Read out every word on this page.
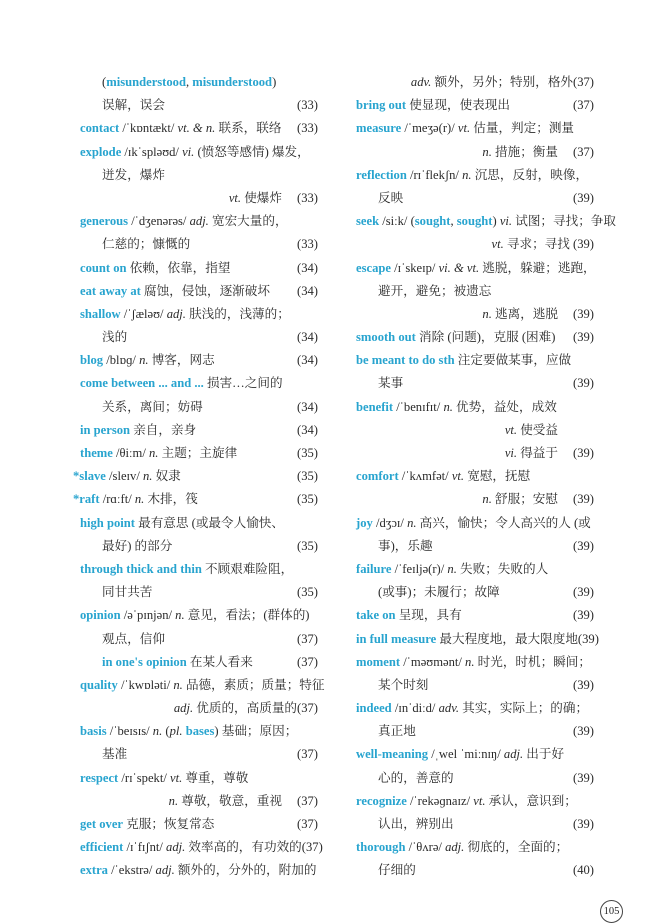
(misunderstood, misunderstood)
误解，误会	(33)
contact /ˈkɒntækt/ vt. & n. 联系，联络 (33)
explode /ɪkˈspləʊd/ vi. (愤怒等感情) 爆发，
迸发，爆炸
vt. 使爆炸 (33)
generous /ˈdʒenərəs/ adj. 宽宏大量的，
仁慈的；慷慨的	(33)
count on 依赖，依靠，指望	(34)
eat away at 腐蚀，侵蚀，逐渐破坏 (34)
shallow /ˈʃæləʊ/ adj. 肤浅的，浅薄的；
浅的	(34)
blog /blɒɡ/ n. 博客，网志	(34)
come between ... and ... 损害…之间的
关系，离间；妨碍	(34)
in person 亲自，亲身	(34)
theme /θiːm/ n. 主题；主旋律	(35)
*slave /sleɪv/ n. 奴隶	(35)
*raft /rɑːft/ n. 木排，筏	(35)
high point 最有意思 (或最令人愉快、
最好) 的部分	(35)
through thick and thin 不顾艰难险阻，
同甘共苦	(35)
opinion /əˈpɪnjən/ n. 意见，看法；(群体的)
观点，信仰	(37)
in one's opinion 在某人看来	(37)
quality /ˈkwɒləti/ n. 品德，素质；质量；特征
adj. 优质的，高质量的(37)
basis /ˈbeɪsɪs/ n. (pl. bases) 基础；原因；
基准	(37)
respect /rɪˈspekt/ vt. 尊重，尊敬
n. 尊敬，敬意，重视 (37)
get over 克服；恢复常态	(37)
efficient /ɪˈfɪʃnt/ adj. 效率高的，有功效的(37)
extra /ˈekstrə/ adj. 额外的，分外的，附加的
adv. 额外，另外；特别，格外(37)
bring out 使显现，使表现出	(37)
measure /ˈmeʒə(r)/ vt. 估量，判定；测量
n. 措施；衡量 (37)
reflection /rɪˈflekʃn/ n. 沉思，反射，映像，
反映	(39)
seek /siːk/ (sought, sought) vi. 试图；寻找；争取
vt. 寻求；寻找 (39)
escape /ɪˈskeɪp/ vi. & vt. 逃脱，躲避；逃跑，
避开，避免；被遗忘
n. 逃离，逃脱 (39)
smooth out 消除 (问题)，克服 (困难) (39)
be meant to do sth 注定要做某事，应做
某事	(39)
benefit /ˈbenɪfɪt/ n. 优势，益处，成效
vt. 使受益　
vi. 得益于　 (39)
comfort /ˈkʌmfət/ vt. 宽慰，抚慰
n. 舒服；安慰 (39)
joy /dʒɔɪ/ n. 高兴，愉快；令人高兴的人 (或
事)，乐趣	(39)
failure /ˈfeɪljə(r)/ n. 失败；失败的人
(或事)；未履行；故障	(39)
take on 呈现，具有	(39)
in full measure 最大程度地，最大限度地(39)
moment /ˈməʊmənt/ n. 时光，时机；瞬间；
某个时刻	(39)
indeed /ɪnˈdiːd/ adv. 其实，实际上；的确；
真正地	(39)
well-meaning /ˌwel ˈmiːnɪŋ/ adj. 出于好
心的，善意的	(39)
recognize /ˈrekəɡnaɪz/ vt. 承认，意识到；
认出，辨别出	(39)
thorough /ˈθʌrə/ adj. 彻底的，全面的；
仔细的	(40)
105
